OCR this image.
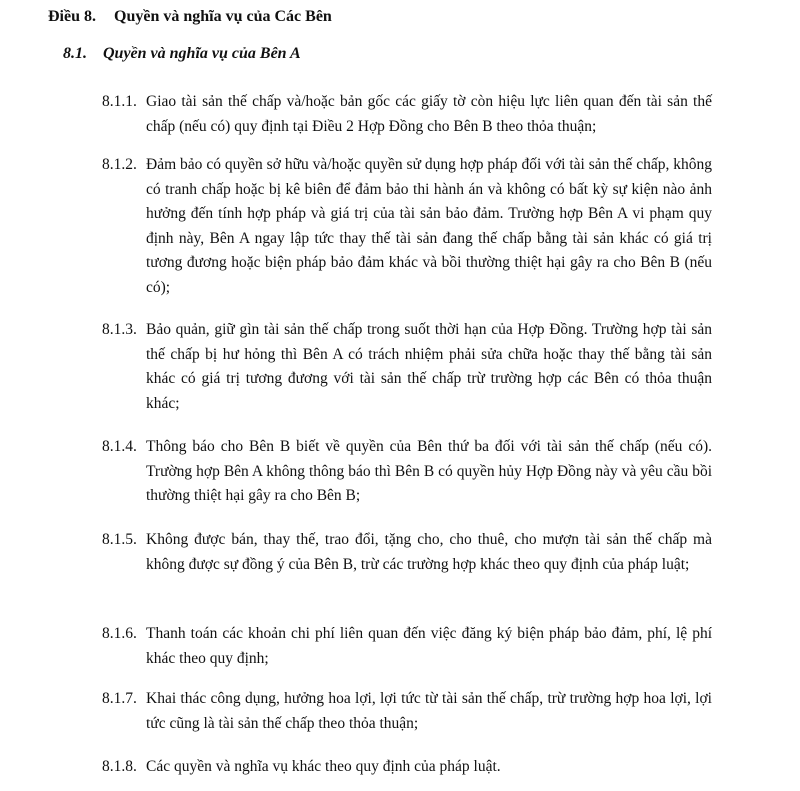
Điều 8. Quyền và nghĩa vụ của Các Bên
8.1. Quyền và nghĩa vụ của Bên A
8.1.1. Giao tài sản thế chấp và/hoặc bản gốc các giấy tờ còn hiệu lực liên quan đến tài sản thế chấp (nếu có) quy định tại Điều 2 Hợp Đồng cho Bên B theo thỏa thuận;
8.1.2. Đảm bảo có quyền sở hữu và/hoặc quyền sử dụng hợp pháp đối với tài sản thế chấp, không có tranh chấp hoặc bị kê biên để đảm bảo thi hành án và không có bất kỳ sự kiện nào ảnh hưởng đến tính hợp pháp và giá trị của tài sản bảo đảm. Trường hợp Bên A vi phạm quy định này, Bên A ngay lập tức thay thế tài sản đang thế chấp bằng tài sản khác có giá trị tương đương hoặc biện pháp bảo đảm khác và bồi thường thiệt hại gây ra cho Bên B (nếu có);
8.1.3. Bảo quản, giữ gìn tài sản thế chấp trong suốt thời hạn của Hợp Đồng. Trường hợp tài sản thế chấp bị hư hỏng thì Bên A có trách nhiệm phải sửa chữa hoặc thay thế bằng tài sản khác có giá trị tương đương với tài sản thế chấp trừ trường hợp các Bên có thỏa thuận khác;
8.1.4. Thông báo cho Bên B biết về quyền của Bên thứ ba đối với tài sản thế chấp (nếu có). Trường hợp Bên A không thông báo thì Bên B có quyền hủy Hợp Đồng này và yêu cầu bồi thường thiệt hại gây ra cho Bên B;
8.1.5. Không được bán, thay thế, trao đổi, tặng cho, cho thuê, cho mượn tài sản thế chấp mà không được sự đồng ý của Bên B, trừ các trường hợp khác theo quy định của pháp luật;
8.1.6. Thanh toán các khoản chi phí liên quan đến việc đăng ký biện pháp bảo đảm, phí, lệ phí khác theo quy định;
8.1.7. Khai thác công dụng, hưởng hoa lợi, lợi tức từ tài sản thế chấp, trừ trường hợp hoa lợi, lợi tức cũng là tài sản thế chấp theo thỏa thuận;
8.1.8. Các quyền và nghĩa vụ khác theo quy định của pháp luật.
